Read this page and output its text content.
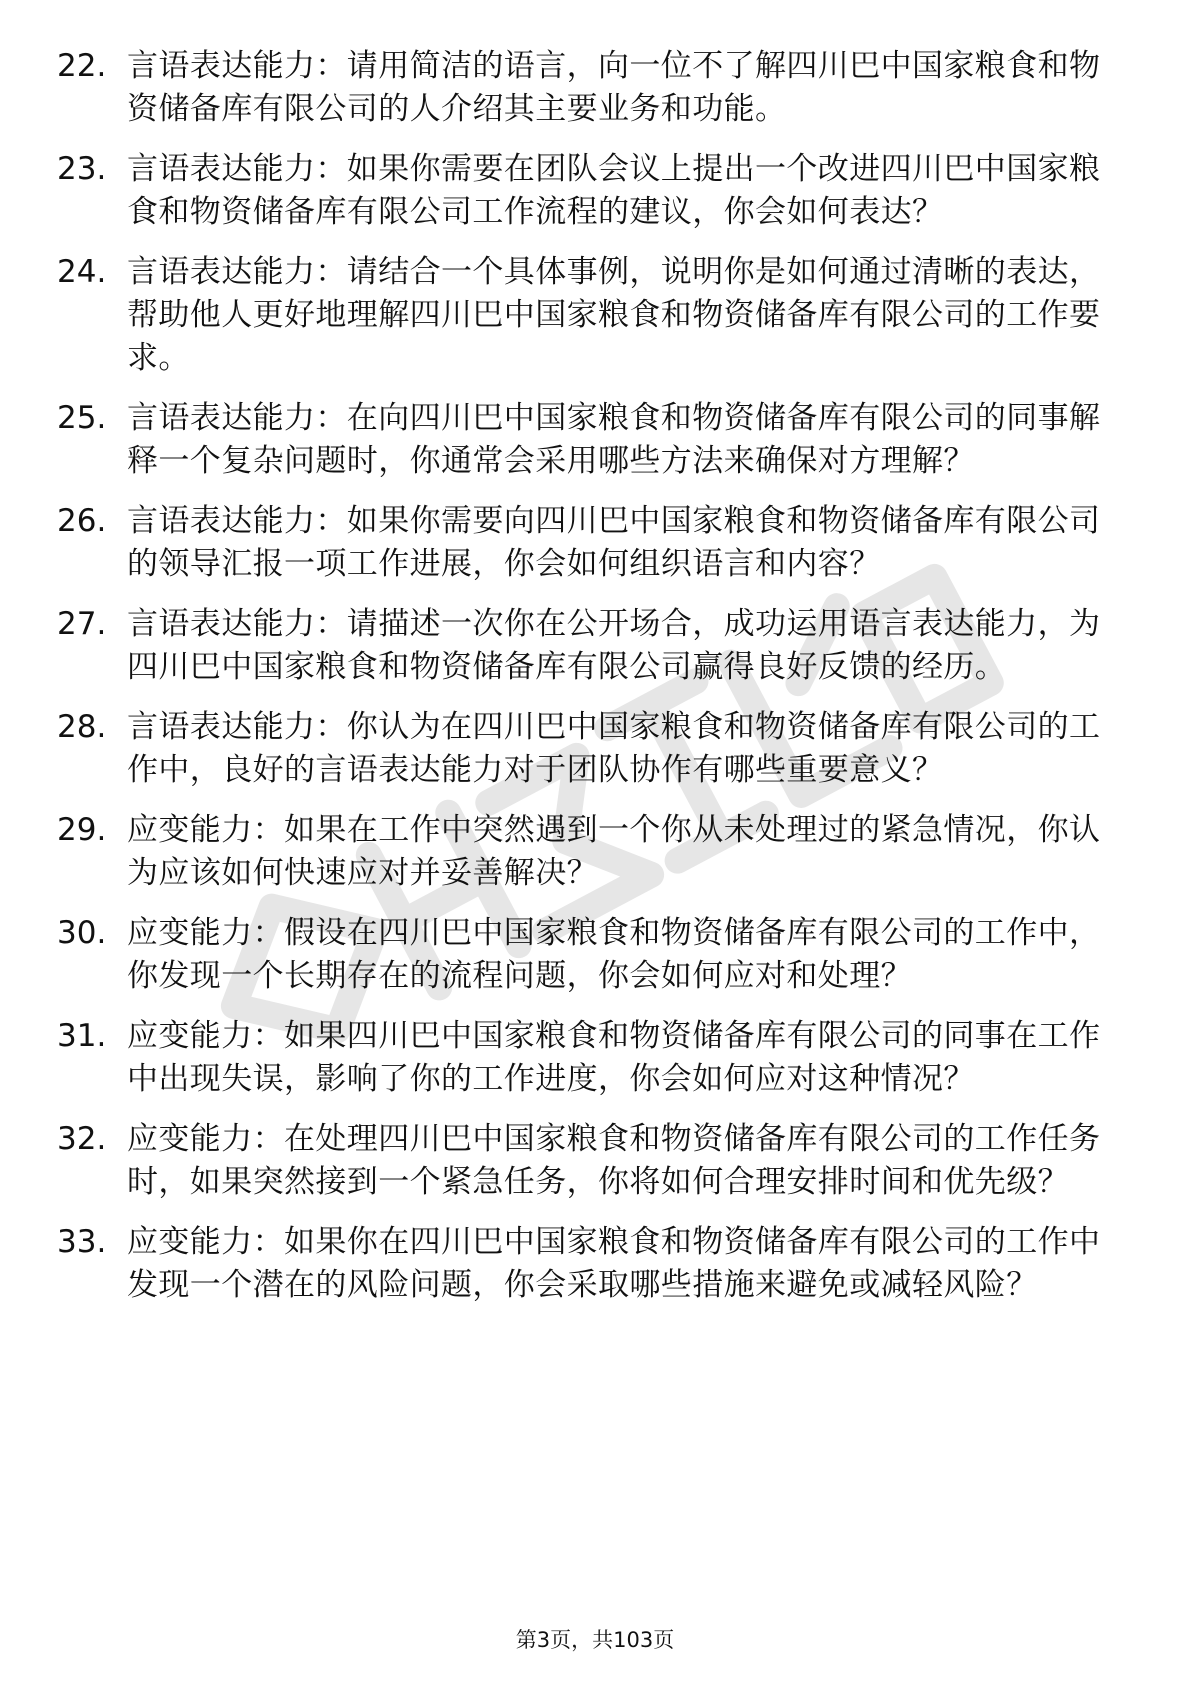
22. 言语表达能力：请用简洁的语言，向一位不了解四川巴中国家粮食和物资储备库有限公司的人介绍其主要业务和功能。
23. 言语表达能力：如果你需要在团队会议上提出一个改进四川巴中国家粮食和物资储备库有限公司工作流程的建议，你会如何表达？
24. 言语表达能力：请结合一个具体事例，说明你是如何通过清晰的表达，帮助他人更好地理解四川巴中国家粮食和物资储备库有限公司的工作要求。
25. 言语表达能力：在向四川巴中国家粮食和物资储备库有限公司的同事解释一个复杂问题时，你通常会采用哪些方法来确保对方理解？
26. 言语表达能力：如果你需要向四川巴中国家粮食和物资储备库有限公司的领导汇报一项工作进展，你会如何组织语言和内容？
27. 言语表达能力：请描述一次你在公开场合，成功运用语言表达能力，为四川巴中国家粮食和物资储备库有限公司赢得良好反馈的经历。
28. 言语表达能力：你认为在四川巴中国家粮食和物资储备库有限公司的工作中，良好的言语表达能力对于团队协作有哪些重要意义？
29. 应变能力：如果在工作中突然遇到一个你从未处理过的紧急情况，你认为应该如何快速应对并妥善解决？
30. 应变能力：假设在四川巴中国家粮食和物资储备库有限公司的工作中，你发现一个长期存在的流程问题，你会如何应对和处理？
31. 应变能力：如果四川巴中国家粮食和物资储备库有限公司的同事在工作中出现失误，影响了你的工作进度，你会如何应对这种情况？
32. 应变能力：在处理四川巴中国家粮食和物资储备库有限公司的工作任务时，如果突然接到一个紧急任务，你将如何合理安排时间和优先级？
33. 应变能力：如果你在四川巴中国家粮食和物资储备库有限公司的工作中发现一个潜在的风险问题，你会采取哪些措施来避免或减轻风险？
第3页，共103页
